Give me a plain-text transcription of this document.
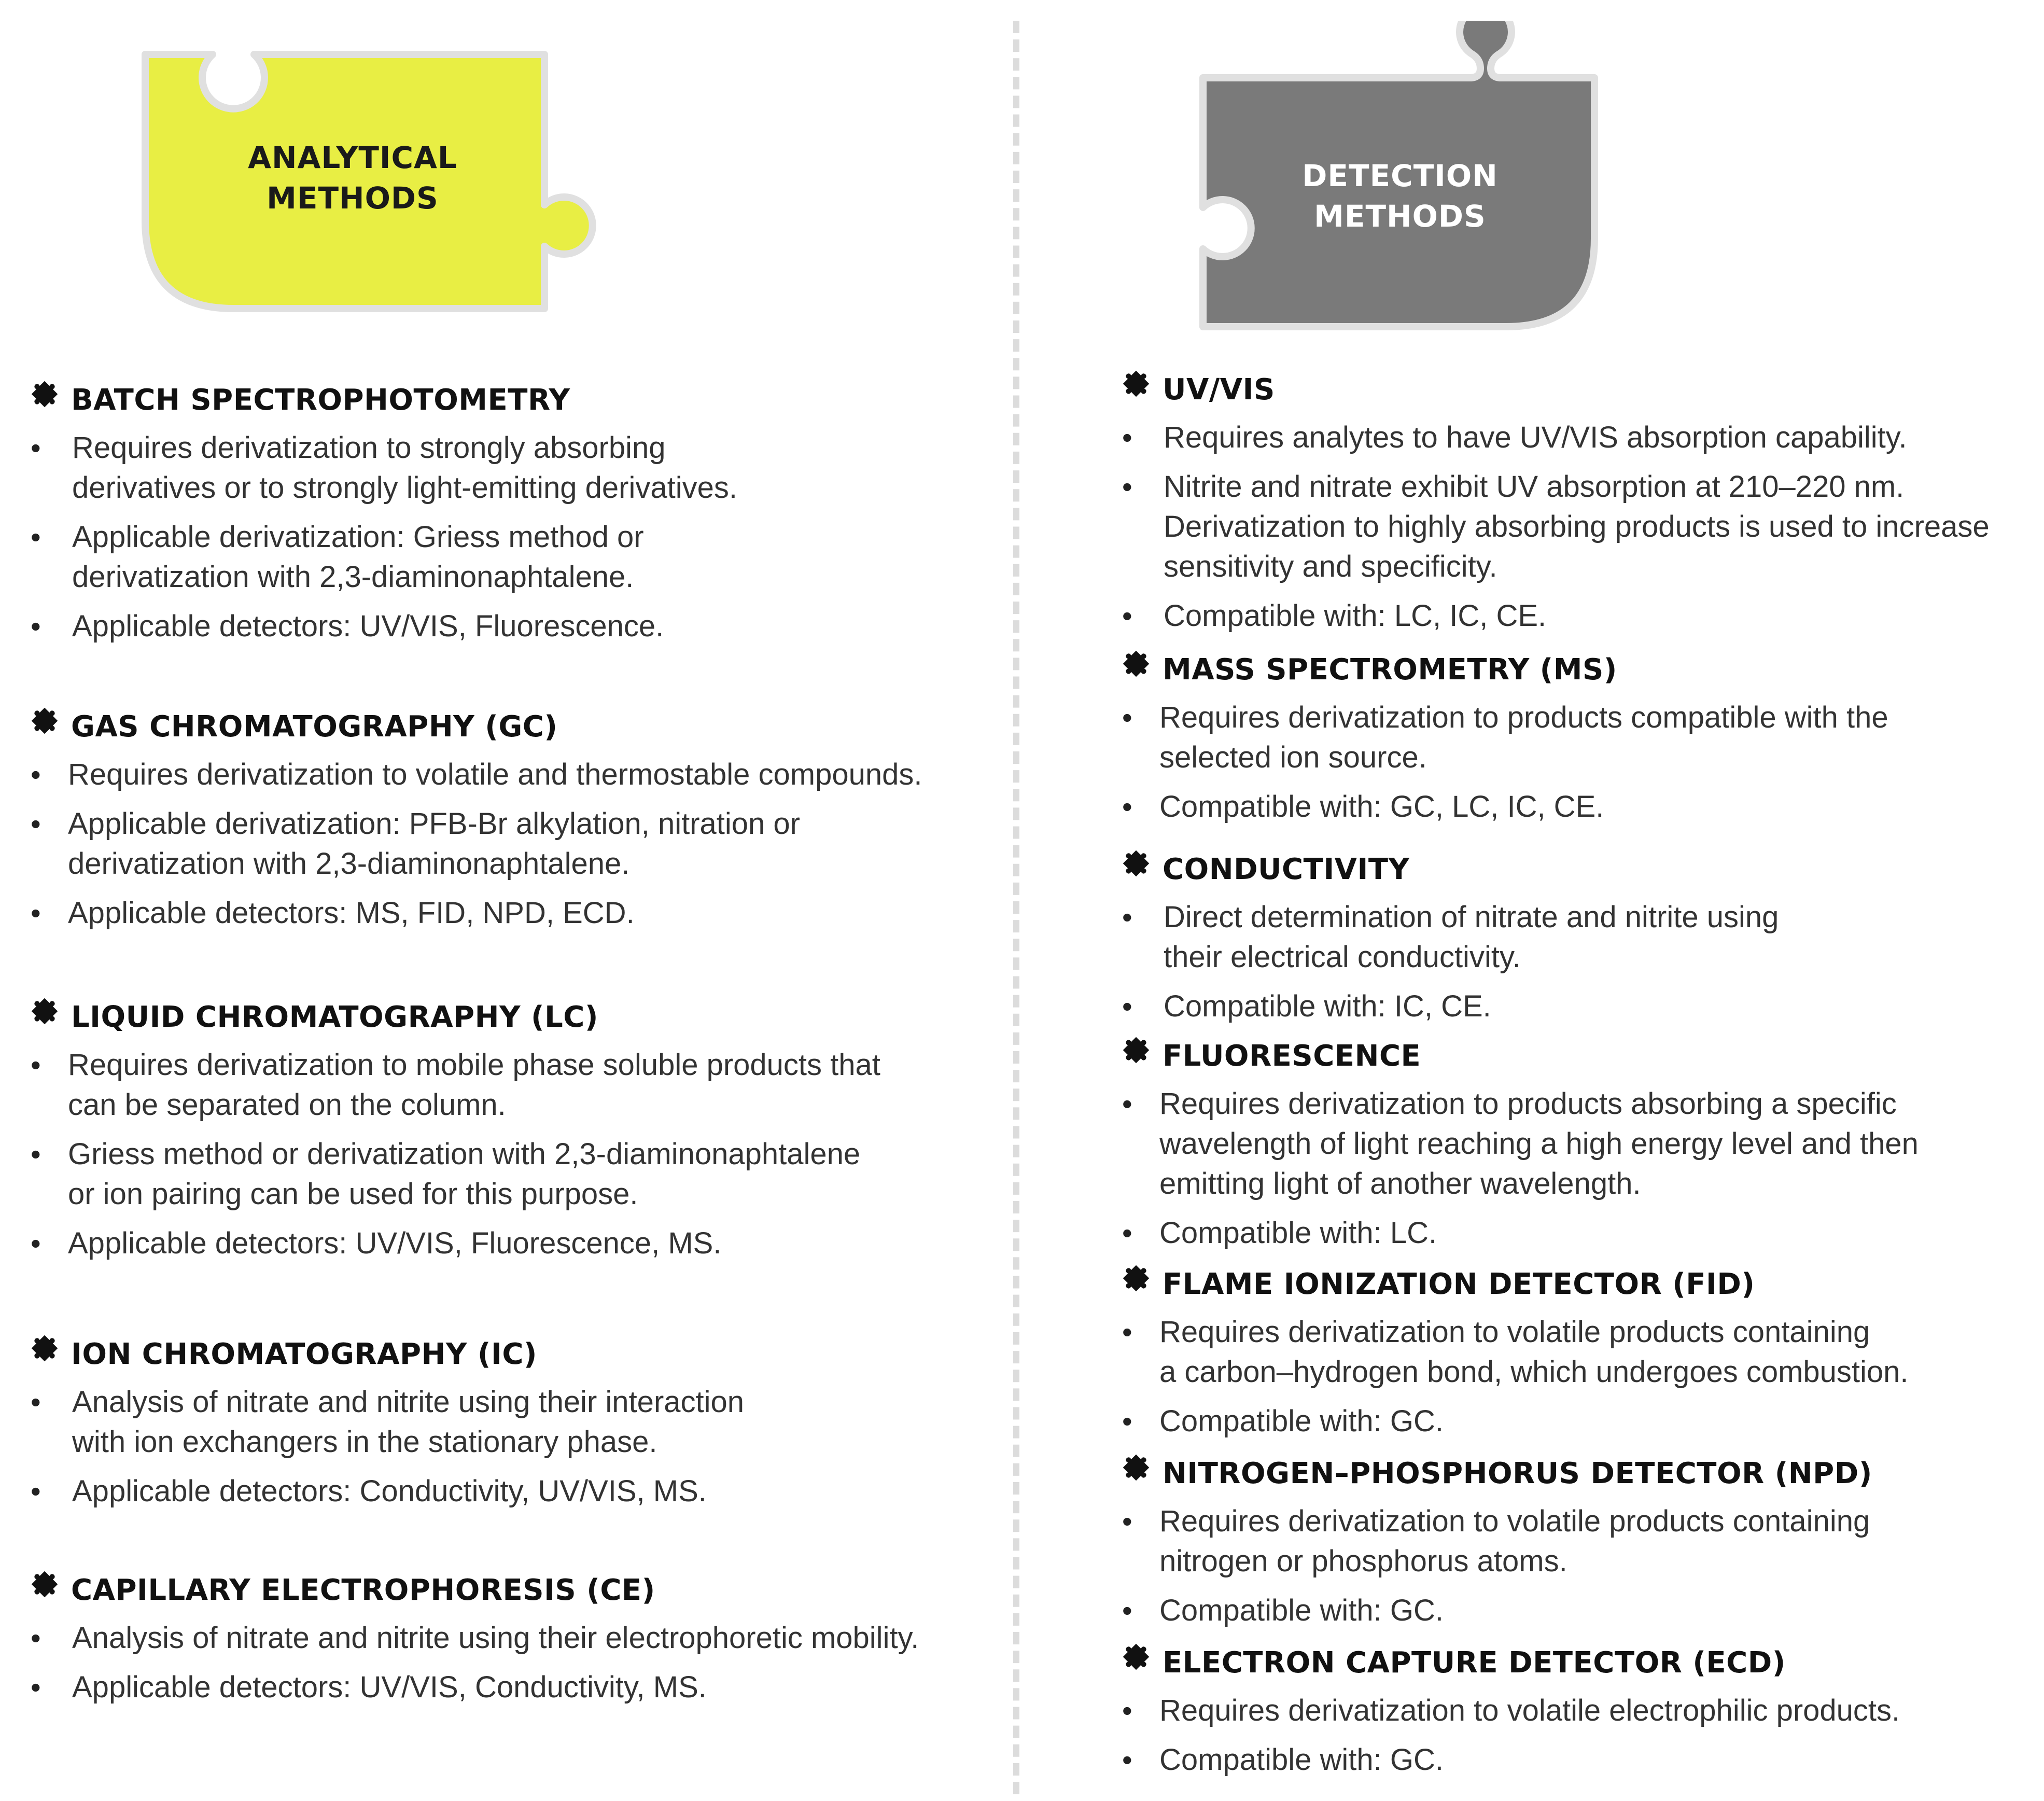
ANALYTICAL
METHODS
DETECTION
METHODS
BATCH SPECTROPHOTOMETRY
• Requires derivatization to strongly absorbing
derivatives or to strongly light-emitting derivatives.
• Applicable derivatization: Griess method or
derivatization with 2,3-diaminonaphtalene.
• Applicable detectors: UV/VIS, Fluorescence.
GAS CHROMATOGRAPHY (GC)
• Requires derivatization to volatile and thermostable compounds.
• Applicable derivatization: PFB-Br alkylation, nitration or
derivatization with 2,3-diaminonaphtalene.
• Applicable detectors: MS, FID, NPD, ECD.
LIQUID CHROMATOGRAPHY (LC)
• Requires derivatization to mobile phase soluble products that
can be separated on the column.
• Griess method or derivatization with 2,3-diaminonaphtalene
or ion pairing can be used for this purpose.
• Applicable detectors: UV/VIS, Fluorescence, MS.
ION CHROMATOGRAPHY (IC)
• Analysis of nitrate and nitrite using their interaction
with ion exchangers in the stationary phase.
• Applicable detectors: Conductivity, UV/VIS, MS.
CAPILLARY ELECTROPHORESIS (CE)
• Analysis of nitrate and nitrite using their electrophoretic mobility.
• Applicable detectors: UV/VIS, Conductivity, MS.
UV/VIS
• Requires analytes to have UV/VIS absorption capability.
• Nitrite and nitrate exhibit UV absorption at 210–220 nm.
Derivatization to highly absorbing products is used to increase
sensitivity and specificity.
• Compatible with: LC, IC, CE.
MASS SPECTROMETRY (MS)
• Requires derivatization to products compatible with the
selected ion source.
• Compatible with: GC, LC, IC, CE.
CONDUCTIVITY
• Direct determination of nitrate and nitrite using
their electrical conductivity.
• Compatible with: IC, CE.
FLUORESCENCE
• Requires derivatization to products absorbing a specific
wavelength of light reaching a high energy level and then
emitting light of another wavelength.
• Compatible with: LC.
FLAME IONIZATION DETECTOR (FID)
• Requires derivatization to volatile products containing
a carbon–hydrogen bond, which undergoes combustion.
• Compatible with: GC.
NITROGEN–PHOSPHORUS DETECTOR (NPD)
• Requires derivatization to volatile products containing
nitrogen or phosphorus atoms.
• Compatible with: GC.
ELECTRON CAPTURE DETECTOR (ECD)
• Requires derivatization to volatile electrophilic products.
• Compatible with: GC.
